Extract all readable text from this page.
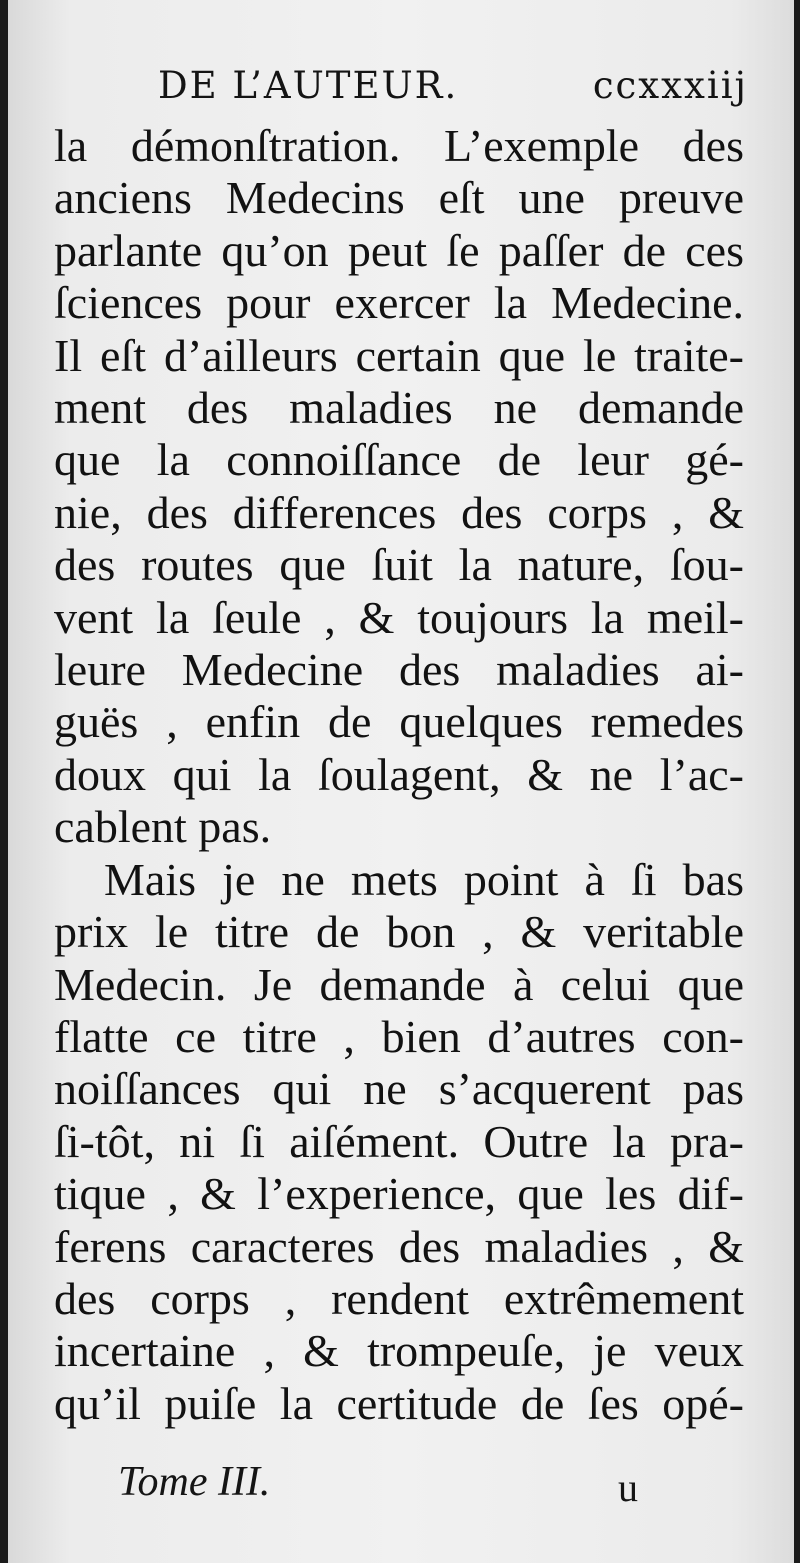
DE L’AUTEUR.	ccxxxiij
la démonſtration. L’exemple des
anciens Medecins eſt une preuve
parlante qu’on peut ſe paſſer de ces
ſciences pour exercer la Medecine.
Il eſt d’ailleurs certain que le traite-
ment des maladies ne demande
que la connoiſſance de leur gé-
nie, des differences des corps , &
des routes que ſuit la nature, ſou-
vent la ſeule , & toujours la meil-
leure Medecine des maladies ai-
guës , enfin de quelques remedes
doux qui la ſoulagent, & ne l’ac-
cablent pas.
Mais je ne mets point à ſi bas
prix le titre de bon , & veritable
Medecin. Je demande à celui que
flatte ce titre , bien d’autres con-
noiſſances qui ne s’acquerent pas
ſi-tôt, ni ſi aiſément. Outre la pra-
tique , & l’experience, que les dif-
ferens caracteres des maladies , &
des corps , rendent extrêmement
incertaine , & trompeuſe, je veux
qu’il puiſe la certitude de ſes opé-
Tome III.	u
